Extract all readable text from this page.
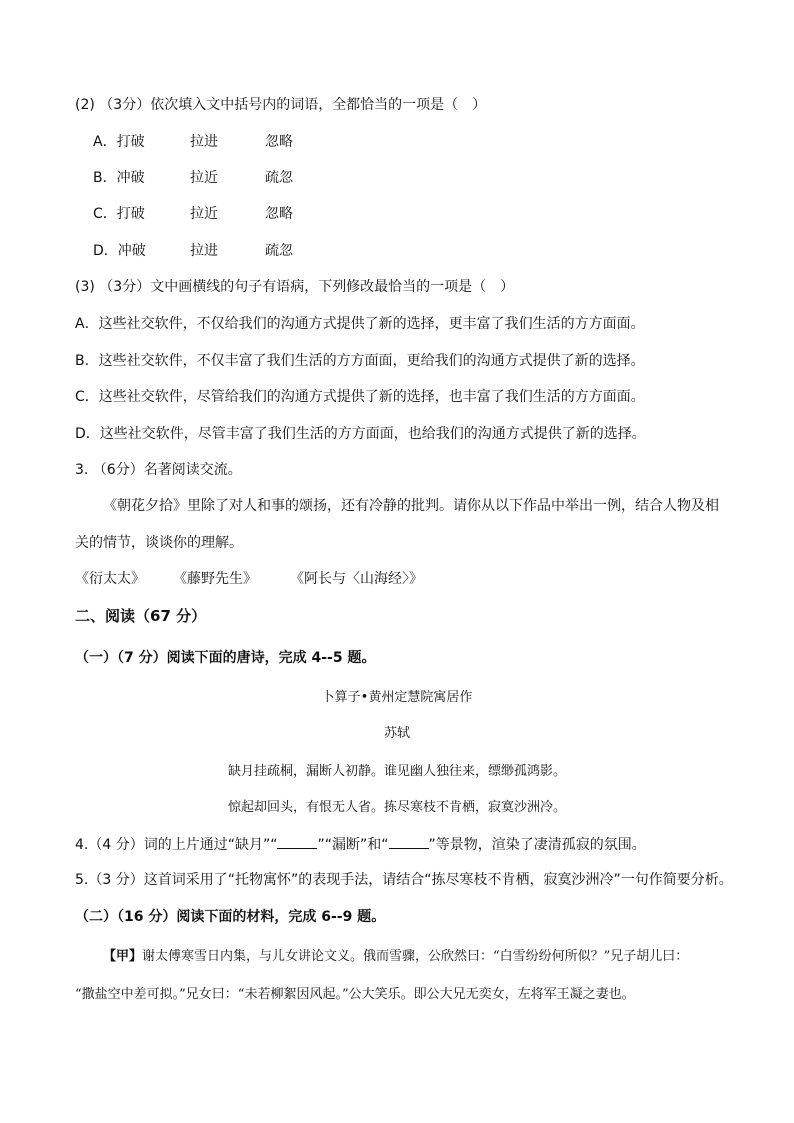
(2) （3分）依次填入文中括号内的词语，全都恰当的一项是（　）
A．打破	拉进	忽略
B．冲破	拉近	疏忽
C．打破	拉近	忽略
D．冲破	拉进	疏忽
(3) （3分）文中画横线的句子有语病，下列修改最恰当的一项是（　）
A．这些社交软件，不仅给我们的沟通方式提供了新的选择，更丰富了我们生活的方方面面。
B．这些社交软件，不仅丰富了我们生活的方方面面，更给我们的沟通方式提供了新的选择。
C．这些社交软件，尽管给我们的沟通方式提供了新的选择，也丰富了我们生活的方方面面。
D．这些社交软件，尽管丰富了我们生活的方方面面，也给我们的沟通方式提供了新的选择。
3. （6分）名著阅读交流。
《朝花夕拾》里除了对人和事的颂扬，还有冷静的批判。请你从以下作品中举出一例，结合人物及相
关的情节，谈谈你的理解。
《衍太太》 《藤野先生》 《阿长与〈山海经〉》
二、阅读（67 分）
（一）（7 分）阅读下面的唐诗，完成 4--5 题。
卜算子•黄州定慧院寓居作
苏轼
缺月挂疏桐，漏断人初静。谁见幽人独往来，缥缈孤鸿影。
惊起却回头，有恨无人省。拣尽寒枝不肯栖，寂寞沙洲冷。
4.（4 分）词的上片通过“缺月”“	”“漏断”和“	”等景物，渲染了凄清孤寂的氛围。
5.（3 分）这首词采用了“托物寓怀”的表现手法，请结合“拣尽寒枝不肯栖，寂寞沙洲冷”一句作简要分析。
（二）（16 分）阅读下面的材料，完成 6--9 题。
【甲】谢太傅寒雪日内集，与儿女讲论文义。俄而雪骤，公欣然曰：“白雪纷纷何所似？”兄子胡儿曰：
“撒盐空中差可拟。”兄女曰：“未若柳絮因风起。”公大笑乐。即公大兄无奕女，左将军王凝之妻也。
